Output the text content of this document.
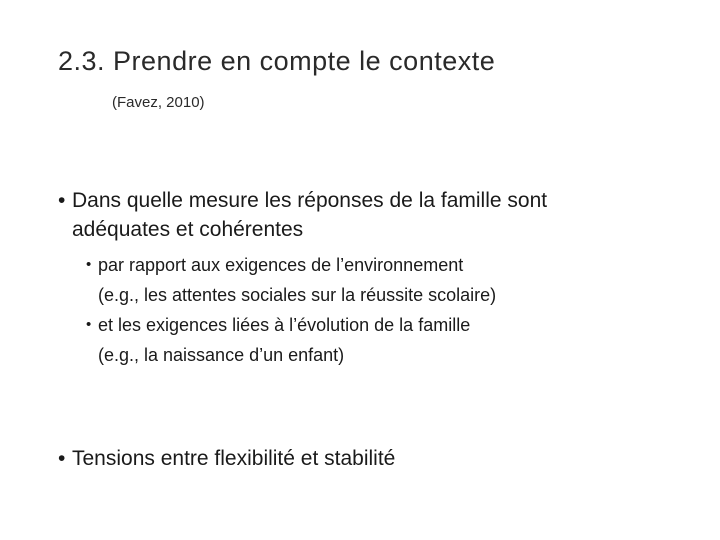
2.3. Prendre en compte le contexte
(Favez, 2010)
• Dans quelle mesure les réponses de la famille sont
adéquates et cohérentes
• par rapport aux exigences de l’environnement
(e.g., les attentes sociales sur la réussite scolaire)
• et les exigences liées à l’évolution de la famille
(e.g., la naissance d’un enfant)
• Tensions entre flexibilité et stabilité
